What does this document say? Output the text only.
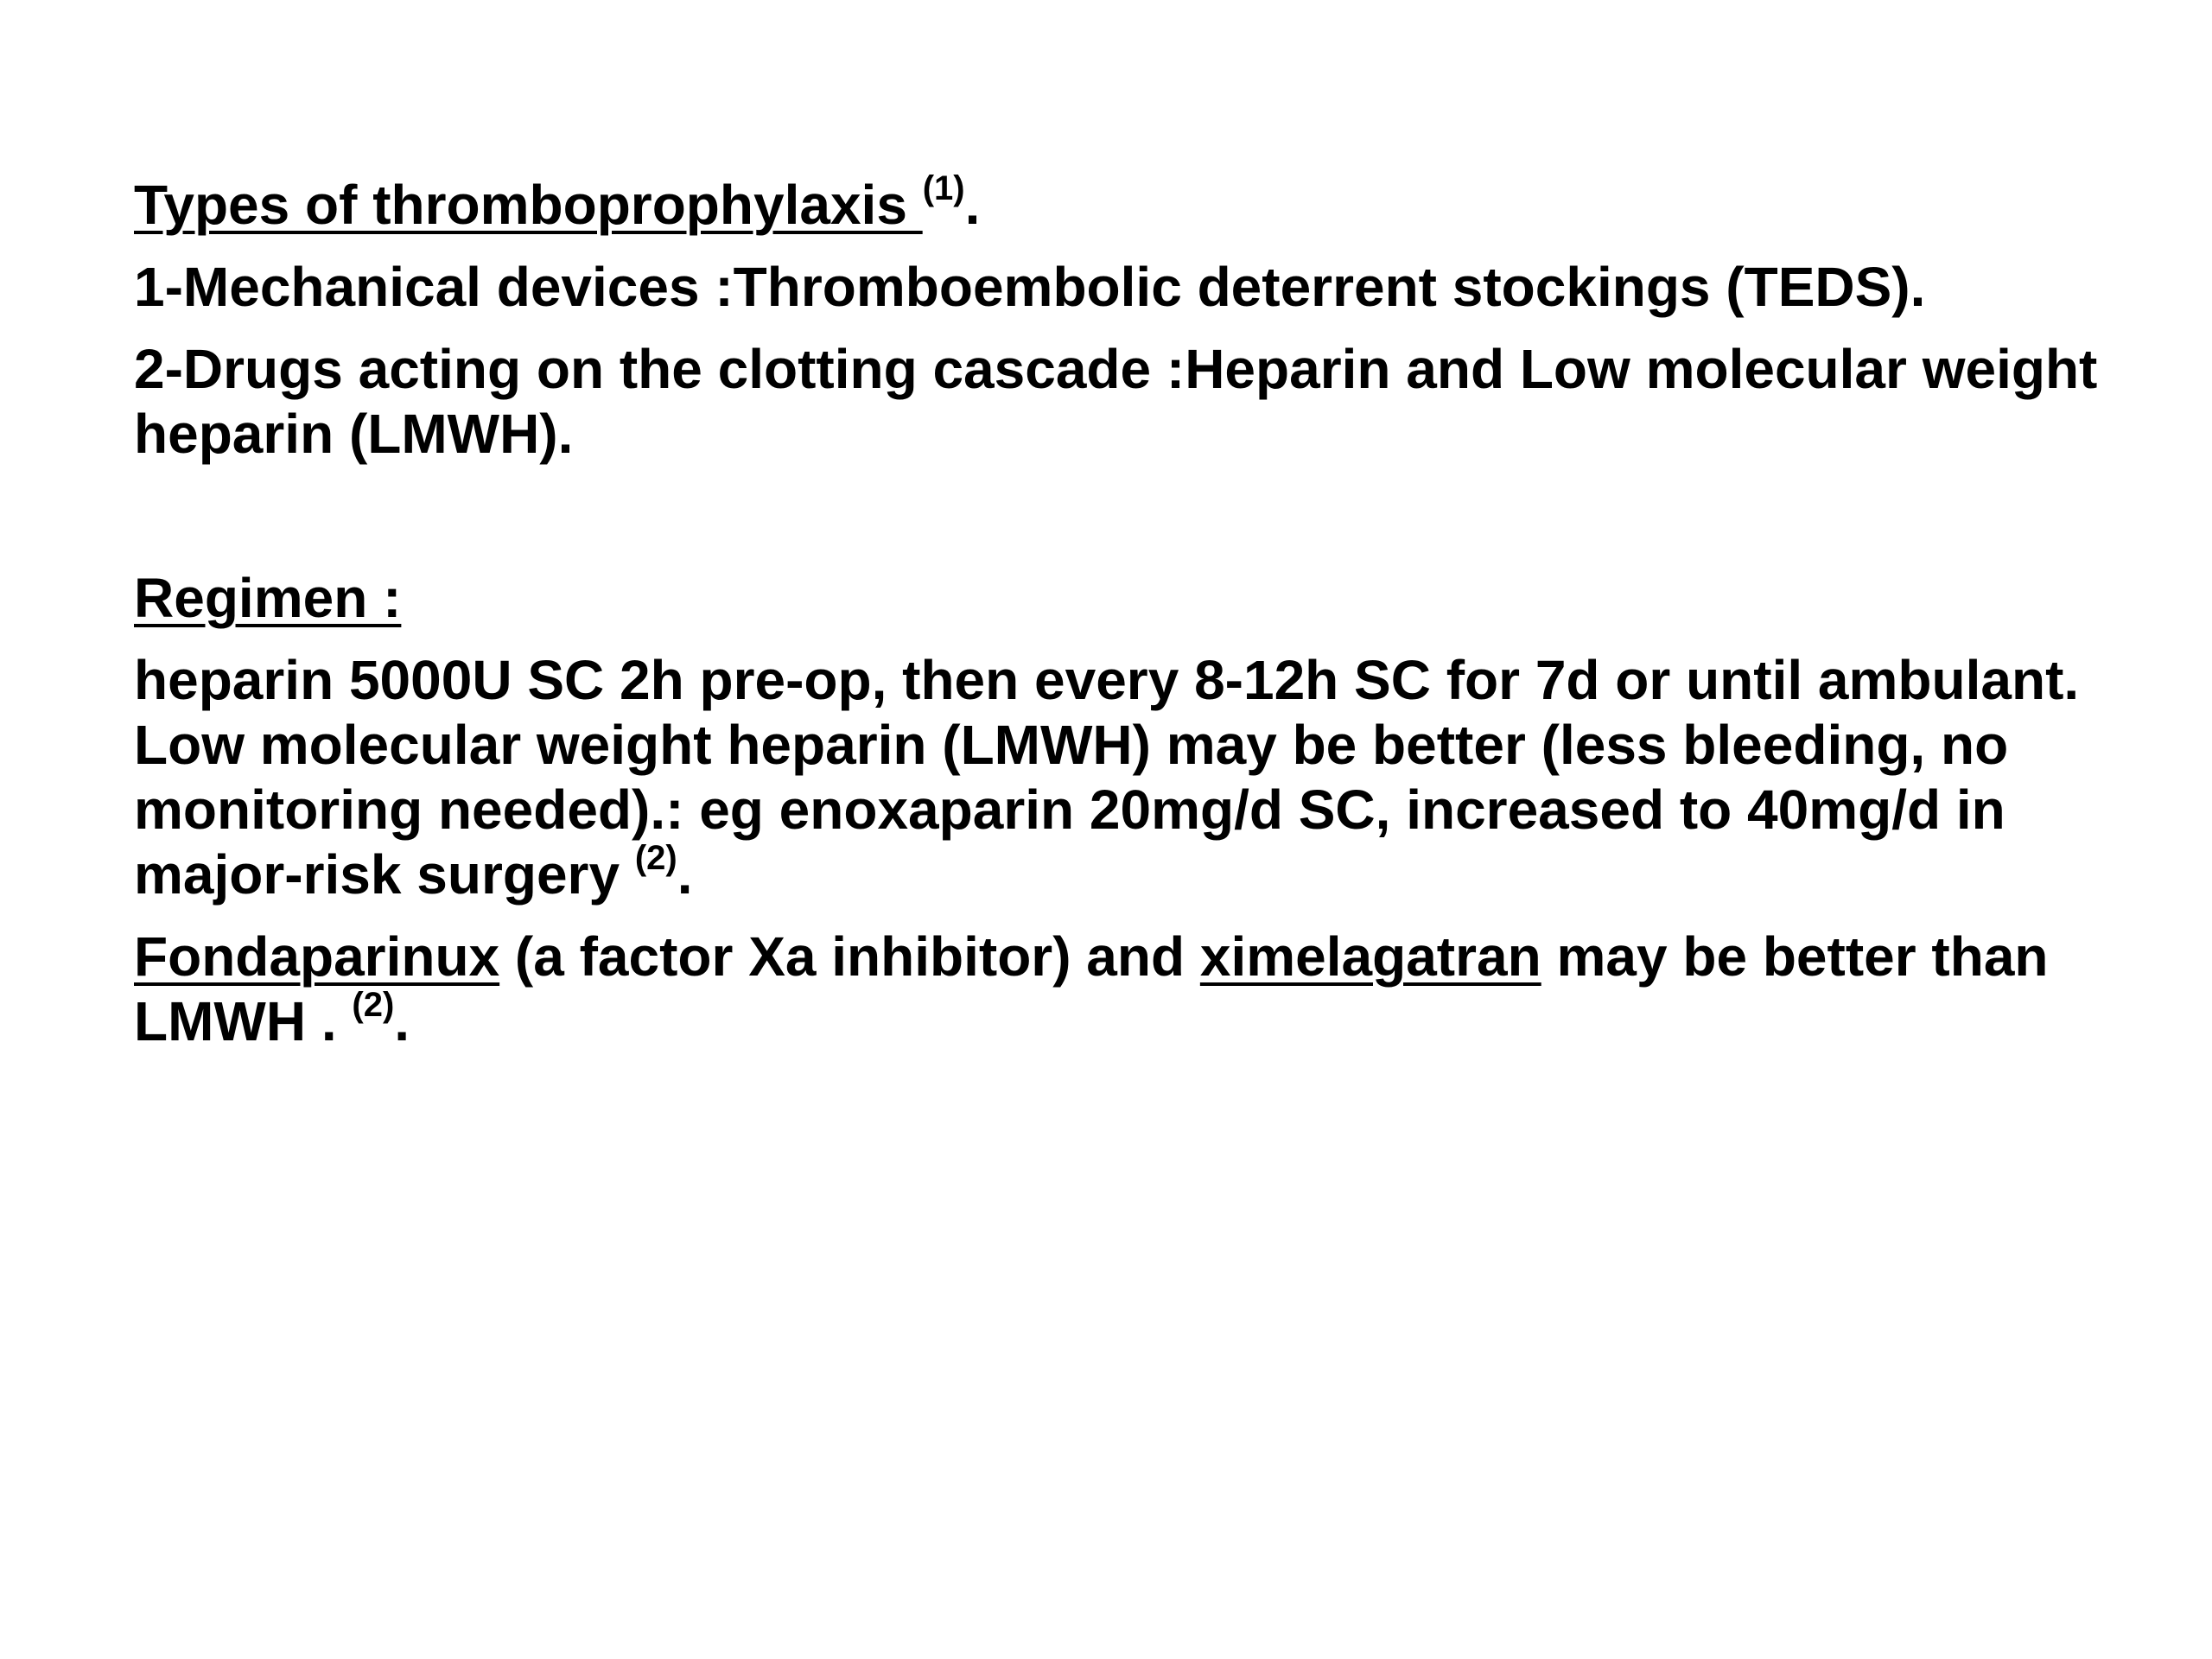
Types of thromboprophylaxis $^{(1)}$.

1-Mechanical devices :Thromboembolic deterrent stockings (TEDS).

2-Drugs acting on the clotting cascade :Heparin and Low molecular weight heparin (LMWH).

Regimen :

heparin 5000U SC 2h pre-op, then every 8-12h SC for 7d or until ambulant. Low molecular weight heparin (LMWH) may be better (less bleeding, no monitoring needed).: eg enoxaparin 20mg/d SC, increased to 40mg/d in major-risk surgery $^{(2)}$.

Fondaparinux (a factor Xa inhibitor) and ximelagatran may be better than LMWH . $^{(2)}$.
